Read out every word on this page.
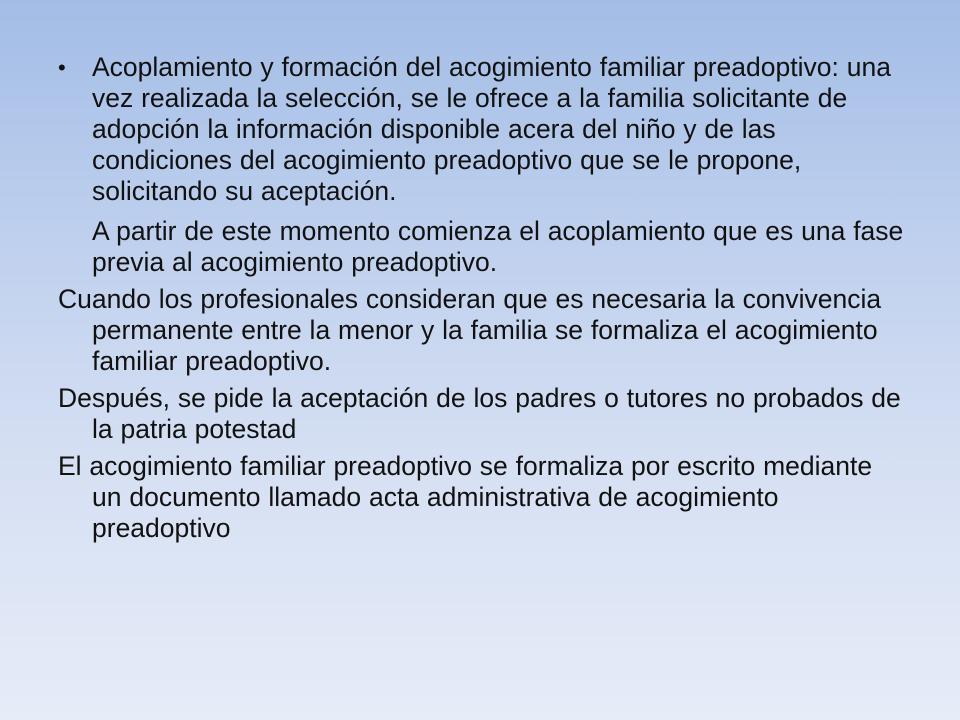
• Acoplamiento y formación del acogimiento familiar preadoptivo: una vez realizada la selección, se le ofrece a la familia solicitante de adopción la información disponible acera del niño y de las condiciones del acogimiento preadoptivo que se le propone, solicitando su aceptación.

A partir de este momento comienza el acoplamiento que es una fase previa al acogimiento preadoptivo.

Cuando los profesionales consideran que es necesaria la convivencia permanente entre la menor y la familia se formaliza el acogimiento familiar preadoptivo.

Después, se pide la aceptación de los padres o tutores no probados de la patria potestad

El acogimiento familiar preadoptivo se formaliza por escrito mediante un documento llamado acta administrativa de acogimiento preadoptivo
